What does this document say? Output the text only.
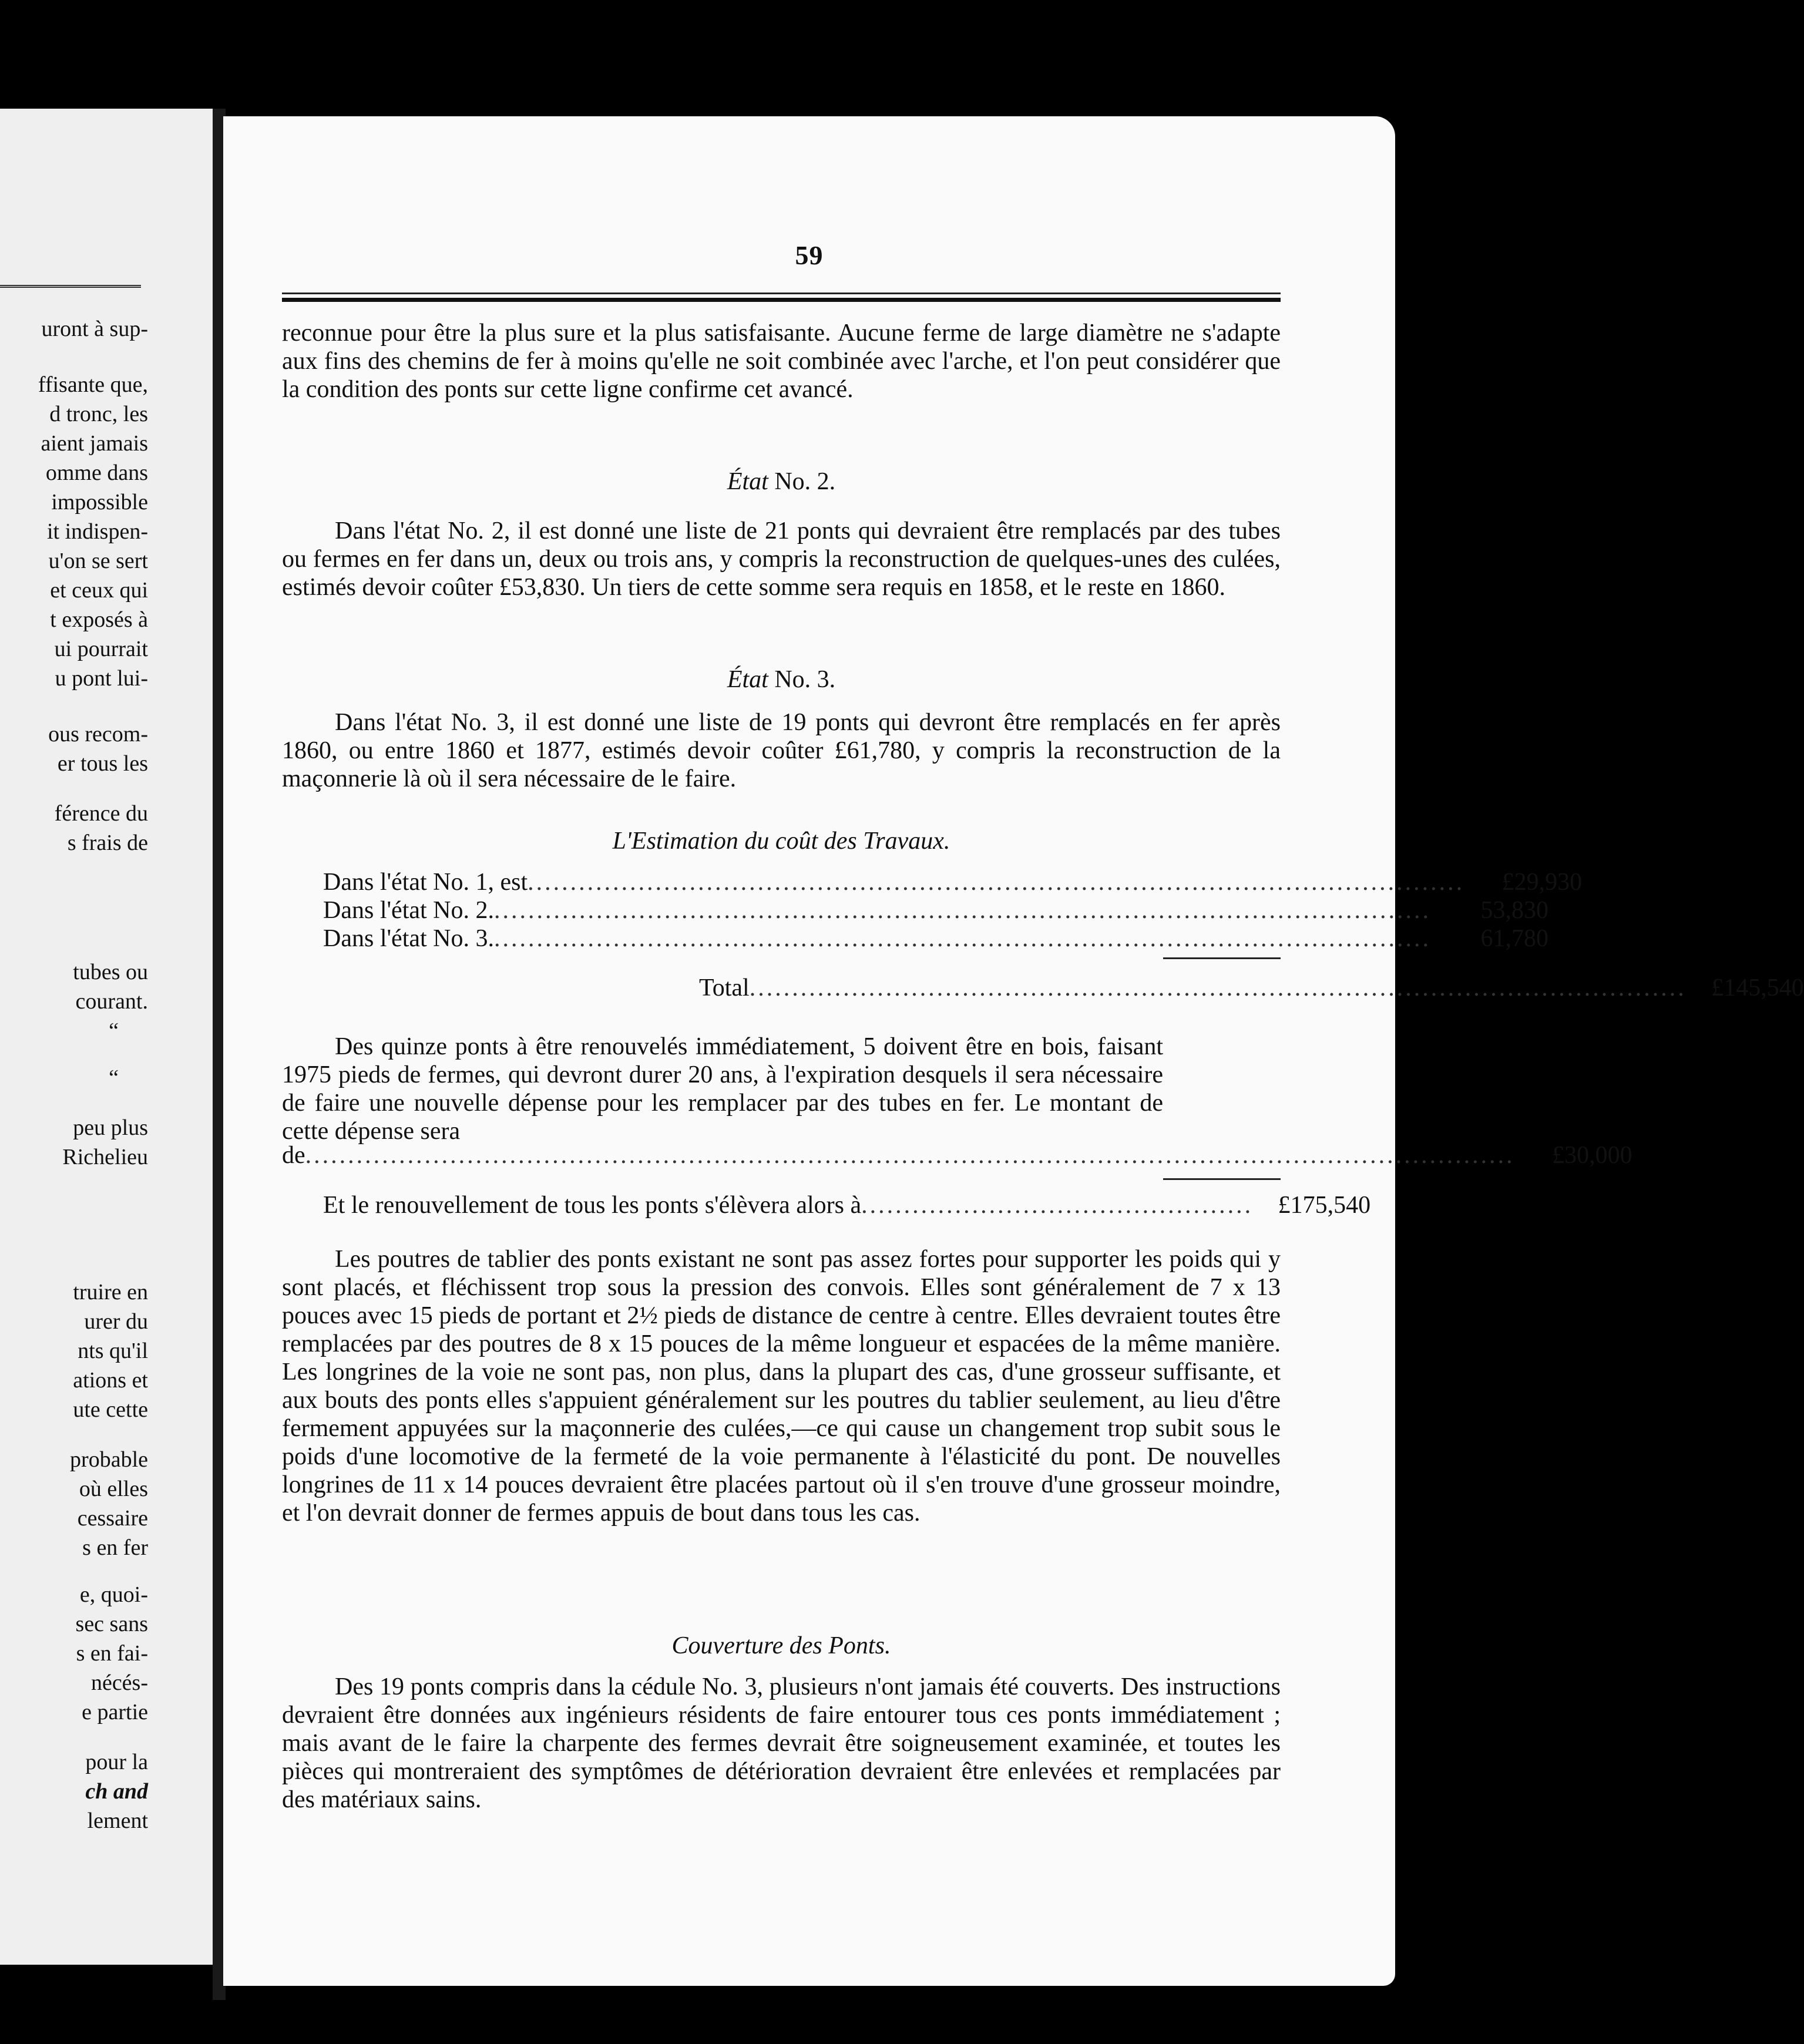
uront à sup-
ffisante que,
d tronc, les
aient jamais
omme dans
impossible
it indispen-
u'on se sert
et ceux qui
t exposés à
ui pourrait
u pont lui-
ous recom-
er tous les
férence du
s frais de
tubes ou
courant.
“
“
peu plus
Richelieu
truire en
urer du
nts qu'il
ations et
ute cette
probable
où elles
cessaire
s en fer
e, quoi-
sec sans
s en fai-
nécés-
e partie
pour la
ch and
lement
59

reconnue pour être la plus sure et la plus satisfaisante. Aucune ferme de large diamètre ne s'adapte aux fins des chemins de fer à moins qu'elle ne soit combinée avec l'arche, et l'on peut considérer que la condition des ponts sur cette ligne confirme cet avancé.

État No. 2.

Dans l'état No. 2, il est donné une liste de 21 ponts qui devraient être remplacés par des tubes ou fermes en fer dans un, deux ou trois ans, y compris la reconstruction de quelques-unes des culées, estimés devoir coûter £53,830. Un tiers de cette somme sera requis en 1858, et le reste en 1860.

État No. 3.

Dans l'état No. 3, il est donné une liste de 19 ponts qui devront être remplacés en fer après 1860, ou entre 1860 et 1877, estimés devoir coûter £61,780, y compris la reconstruction de la maçonnerie là où il sera nécessaire de le faire.

L'Estimation du coût des Travaux.
Dans l'état No. 1, est ..............................................................................................................	£29,930
Dans l'état No. 2. ..............................................................................................................	53,830
Dans l'état No. 3. ..............................................................................................................	61,780
Total ..............................................................................................................	£145,540

Des quinze ponts à être renouvelés immédiatement, 5 doivent être en bois, faisant 1975 pieds de fermes, qui devront durer 20 ans, à l'expiration desquels il sera nécessaire de faire une nouvelle dépense pour les remplacer par des tubes en fer. Le montant de cette dépense sera

de ..............................................................................................................................................	£30,000
Et le renouvellement de tous les ponts s'élèvera alors à ..............................................	£175,540

Les poutres de tablier des ponts existant ne sont pas assez fortes pour supporter les poids qui y sont placés, et fléchissent trop sous la pression des convois. Elles sont généralement de 7 x 13 pouces avec 15 pieds de portant et 2½ pieds de distance de centre à centre. Elles devraient toutes être remplacées par des poutres de 8 x 15 pouces de la même longueur et espacées de la même manière. Les longrines de la voie ne sont pas, non plus, dans la plupart des cas, d'une grosseur suffisante, et aux bouts des ponts elles s'appuient généralement sur les poutres du tablier seulement, au lieu d'être fermement appuyées sur la maçonnerie des culées,—ce qui cause un changement trop subit sous le poids d'une locomotive de la fermeté de la voie permanente à l'élasticité du pont. De nouvelles longrines de 11 x 14 pouces devraient être placées partout où il s'en trouve d'une grosseur moindre, et l'on devrait donner de fermes appuis de bout dans tous les cas.

Couverture des Ponts.

Des 19 ponts compris dans la cédule No. 3, plusieurs n'ont jamais été couverts. Des instructions devraient être données aux ingénieurs résidents de faire entourer tous ces ponts immédiatement ; mais avant de le faire la charpente des fermes devrait être soigneusement examinée, et toutes les pièces qui montreraient des symptômes de détérioration devraient être enlevées et remplacées par des matériaux sains.
